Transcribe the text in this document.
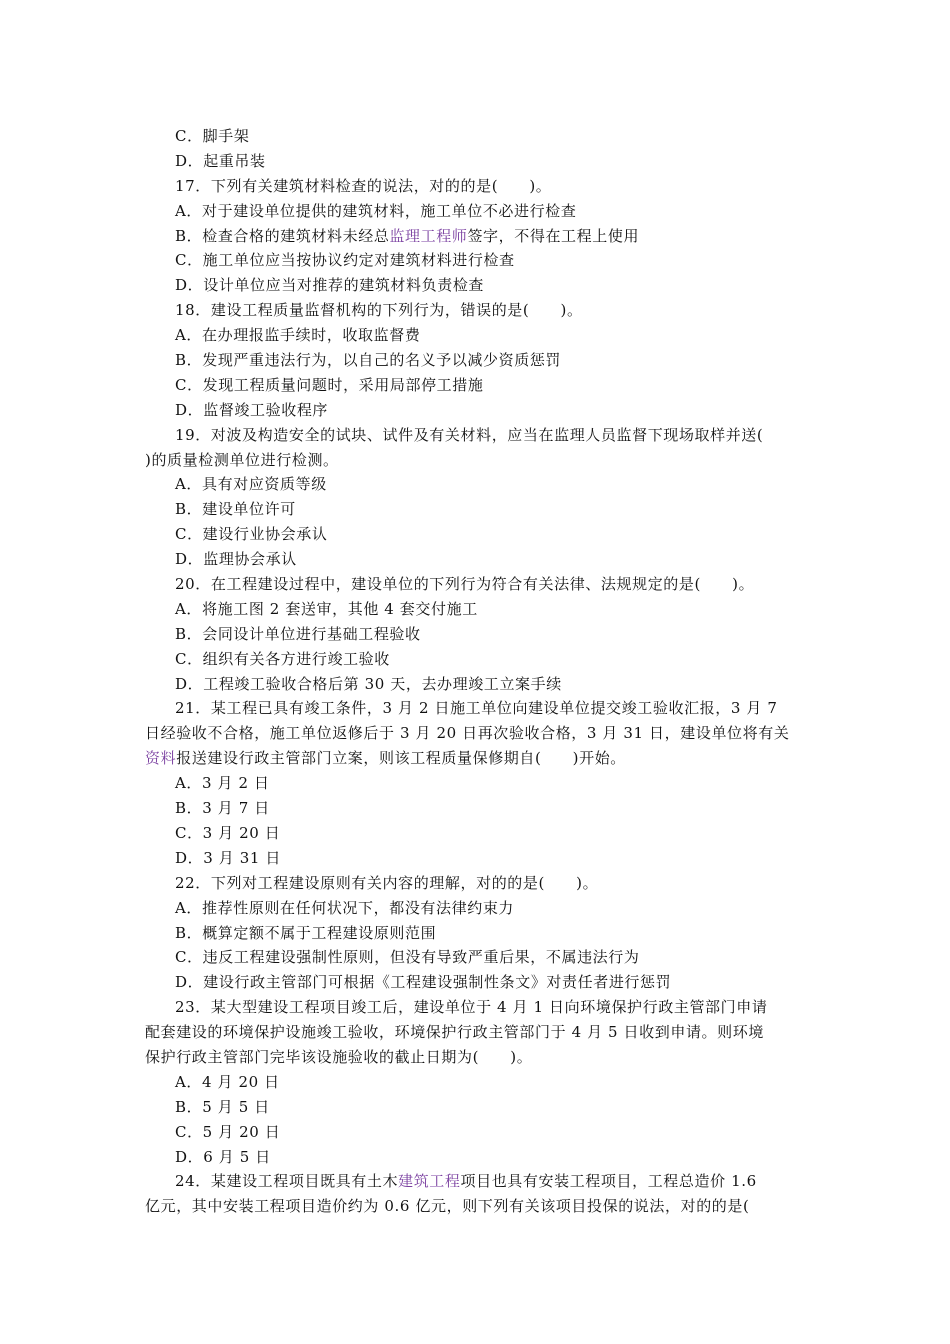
C．脚手架
D．起重吊装
17．下列有关建筑材料检查的说法，对的的是(　　)。
A．对于建设单位提供的建筑材料，施工单位不必进行检查
B．检查合格的建筑材料未经总监理工程师签字，不得在工程上使用
C．施工单位应当按协议约定对建筑材料进行检查
D．设计单位应当对推荐的建筑材料负责检查
18．建设工程质量监督机构的下列行为，错误的是(　　)。
A．在办理报监手续时，收取监督费
B．发现严重违法行为，以自己的名义予以减少资质惩罚
C．发现工程质量问题时，采用局部停工措施
D．监督竣工验收程序
19．对波及构造安全的试块、试件及有关材料，应当在监理人员监督下现场取样并送(
)的质量检测单位进行检测。
A．具有对应资质等级
B．建设单位许可
C．建设行业协会承认
D．监理协会承认
20．在工程建设过程中，建设单位的下列行为符合有关法律、法规规定的是(　　)。
A．将施工图 2 套送审，其他 4 套交付施工
B．会同设计单位进行基础工程验收
C．组织有关各方进行竣工验收
D．工程竣工验收合格后第 30 天，去办理竣工立案手续
21．某工程已具有竣工条件，3 月 2 日施工单位向建设单位提交竣工验收汇报，3 月 7
日经验收不合格，施工单位返修后于 3 月 20 日再次验收合格，3 月 31 日，建设单位将有关
资料报送建设行政主管部门立案，则该工程质量保修期自(　　)开始。
A．3 月 2 日
B．3 月 7 日
C．3 月 20 日
D．3 月 31 日
22．下列对工程建设原则有关内容的理解，对的的是(　　)。
A．推荐性原则在任何状况下，都没有法律约束力
B．概算定额不属于工程建设原则范围
C．违反工程建设强制性原则，但没有导致严重后果，不属违法行为
D．建设行政主管部门可根据《工程建设强制性条文》对责任者进行惩罚
23．某大型建设工程项目竣工后，建设单位于 4 月 1 日向环境保护行政主管部门申请
配套建设的环境保护设施竣工验收，环境保护行政主管部门于 4 月 5 日收到申请。则环境
保护行政主管部门完毕该设施验收的截止日期为(　　)。
A．4 月 20 日
B．5 月 5 日
C．5 月 20 日
D．6 月 5 日
24．某建设工程项目既具有土木建筑工程项目也具有安装工程项目，工程总造价 1.6
亿元，其中安装工程项目造价约为 0.6 亿元，则下列有关该项目投保的说法，对的的是(
